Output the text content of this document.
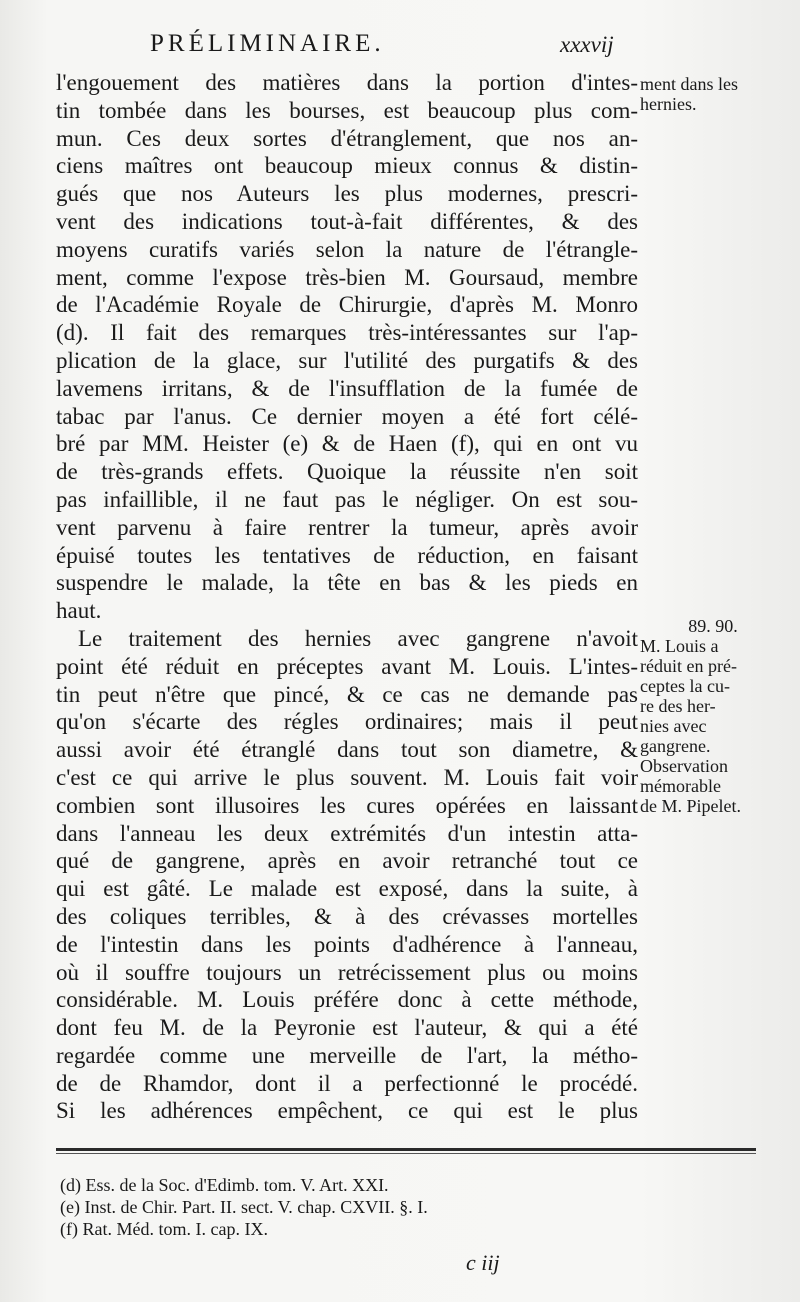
PRÉLIMINAIRE.	xxxvij
l'engouement des matières dans la portion d'intes-
tin tombée dans les bourses, est beaucoup plus com-
mun. Ces deux sortes d'étranglement, que nos an-
ciens maîtres ont beaucoup mieux connus & distin-
gués que nos Auteurs les plus modernes, prescri-
vent des indications tout-à-fait différentes, & des
moyens curatifs variés selon la nature de l'étrangle-
ment, comme l'expose très-bien M. Goursaud, membre
de l'Académie Royale de Chirurgie, d'après M. Monro
(d). Il fait des remarques très-intéressantes sur l'ap-
plication de la glace, sur l'utilité des purgatifs & des
lavemens irritans, & de l'insufflation de la fumée de
tabac par l'anus. Ce dernier moyen a été fort célé-
bré par MM. Heister (e) & de Haen (f), qui en ont vu
de très-grands effets. Quoique la réussite n'en soit
pas infaillible, il ne faut pas le négliger. On est sou-
vent parvenu à faire rentrer la tumeur, après avoir
épuisé toutes les tentatives de réduction, en faisant
suspendre le malade, la tête en bas & les pieds en
haut.
Le traitement des hernies avec gangrene n'avoit
point été réduit en préceptes avant M. Louis. L'intes-
tin peut n'être que pincé, & ce cas ne demande pas
qu'on s'écarte des régles ordinaires; mais il peut
aussi avoir été étranglé dans tout son diametre, &
c'est ce qui arrive le plus souvent. M. Louis fait voir
combien sont illusoires les cures opérées en laissant
dans l'anneau les deux extrémités d'un intestin atta-
qué de gangrene, après en avoir retranché tout ce
qui est gâté. Le malade est exposé, dans la suite, à
des coliques terribles, & à des crévasses mortelles
de l'intestin dans les points d'adhérence à l'anneau,
où il souffre toujours un retrécissement plus ou moins
considérable. M. Louis préfére donc à cette méthode,
dont feu M. de la Peyronie est l'auteur, & qui a été
regardée comme une merveille de l'art, la métho-
de de Rhamdor, dont il a perfectionné le procédé.
Si les adhérences empêchent, ce qui est le plus
ment dans les
hernies.
89. 90.
M. Louis a
réduit en pré-
ceptes la cu-
re des her-
nies avec
gangrene.
Observation
mémorable
de M. Pipelet.
(d) Ess. de la Soc. d'Edimb. tom. V. Art. XXI.
(e) Inst. de Chir. Part. II. sect. V. chap. CXVII. §. I.
(f) Rat. Méd. tom. I. cap. IX.
c iij
